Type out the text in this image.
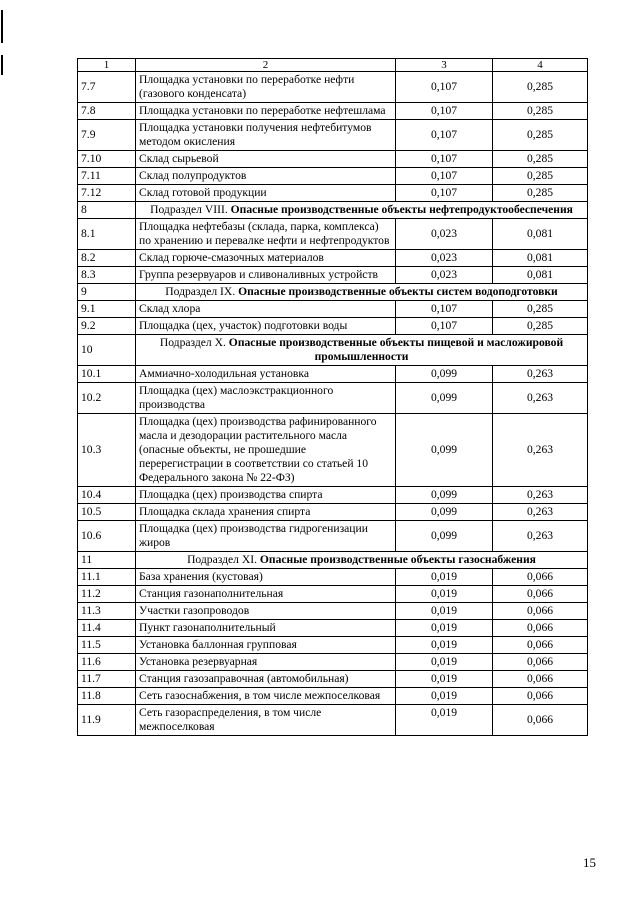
1	2	3	4
7.7	Площадка установки по переработке нефти (газового конденсата)	0,107	0,285
7.8	Площадка установки по переработке нефтешлама	0,107	0,285
7.9	Площадка установки получения нефтебитумов методом окисления	0,107	0,285
7.10	Склад сырьевой	0,107	0,285
7.11	Склад полупродуктов	0,107	0,285
7.12	Склад готовой продукции	0,107	0,285
8	Подраздел VIII. Опасные производственные объекты нефтепродуктообеспечения		

8.1	Площадка нефтебазы (склада, парка, комплекса) по хранению и перевалке нефти и нефтепродуктов	0,023	0,081
8.2	Склад горюче-смазочных материалов	0,023	0,081
8.3	Группа резервуаров и сливоналивных устройств	0,023	0,081
9	Подраздел IX. Опасные производственные объекты систем водоподготовки		

9.1	Склад хлора	0,107	0,285
9.2	Площадка (цех, участок) подготовки воды	0,107	0,285
10	Подраздел X. Опасные производственные объекты пищевой и масложировой промышленности		

10.1	Аммиачно-холодильная установка	0,099	0,263
10.2	Площадка (цех) маслоэкстракционного производства	0,099	0,263
10.3	Площадка (цех) производства рафинированного масла и дезодорации растительного масла (опасные объекты, не прошедшие перерегистрации в соответствии со статьей 10 Федерального закона № 22-ФЗ)	0,099	0,263
10.4	Площадка (цех) производства спирта	0,099	0,263
10.5	Площадка склада хранения спирта	0,099	0,263
10.6	Площадка (цех) производства гидрогенизации жиров	0,099	0,263
11	Подраздел XI. Опасные производственные объекты газоснабжения		

11.1	База хранения (кустовая)	0,019	0,066
11.2	Станция газонаполнительная	0,019	0,066
11.3	Участки газопроводов	0,019	0,066
11.4	Пункт газонаполнительный	0,019	0,066
11.5	Установка баллонная групповая	0,019	0,066
11.6	Установка резервуарная	0,019	0,066
11.7	Станция газозаправочная (автомобильная)	0,019	0,066
11.8	Сеть газоснабжения, в том числе межпоселковая	0,019	0,066
11.9	Сеть газораспределения, в том числе межпоселковая	0,019	0,066
15
